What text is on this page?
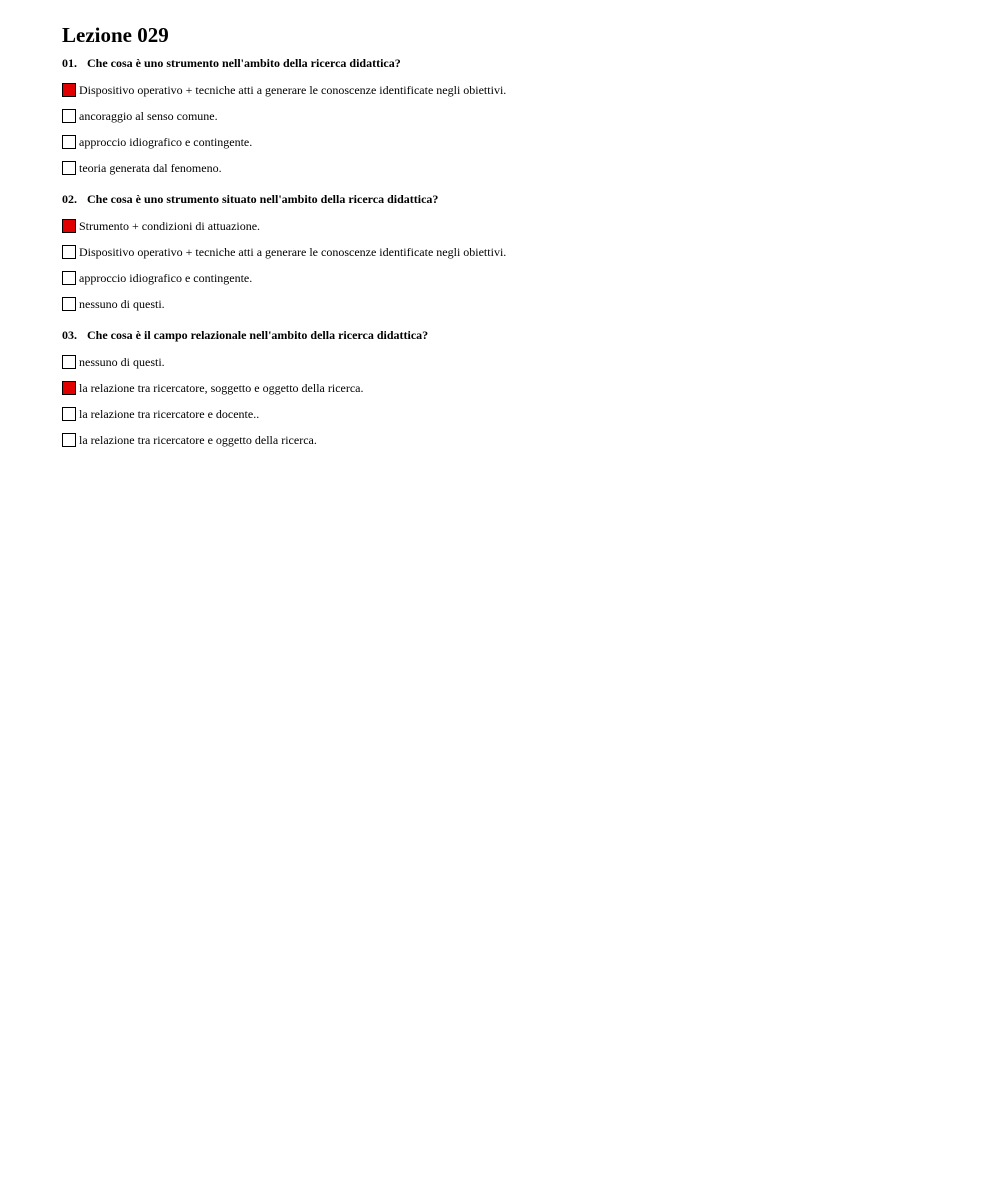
Lezione 029
01. Che cosa è uno strumento nell'ambito della ricerca didattica?
Dispositivo operativo + tecniche atti a generare le conoscenze identificate negli obiettivi.
ancoraggio al senso comune.
approccio idiografico e contingente.
teoria generata dal fenomeno.
02. Che cosa è uno strumento situato nell'ambito della ricerca didattica?
Strumento + condizioni di attuazione.
Dispositivo operativo + tecniche atti a generare le conoscenze identificate negli obiettivi.
approccio idiografico e contingente.
nessuno di questi.
03. Che cosa è il campo relazionale nell'ambito della ricerca didattica?
nessuno di questi.
la relazione tra ricercatore, soggetto e oggetto della ricerca.
la relazione tra ricercatore e docente..
la relazione tra ricercatore e oggetto della ricerca.
